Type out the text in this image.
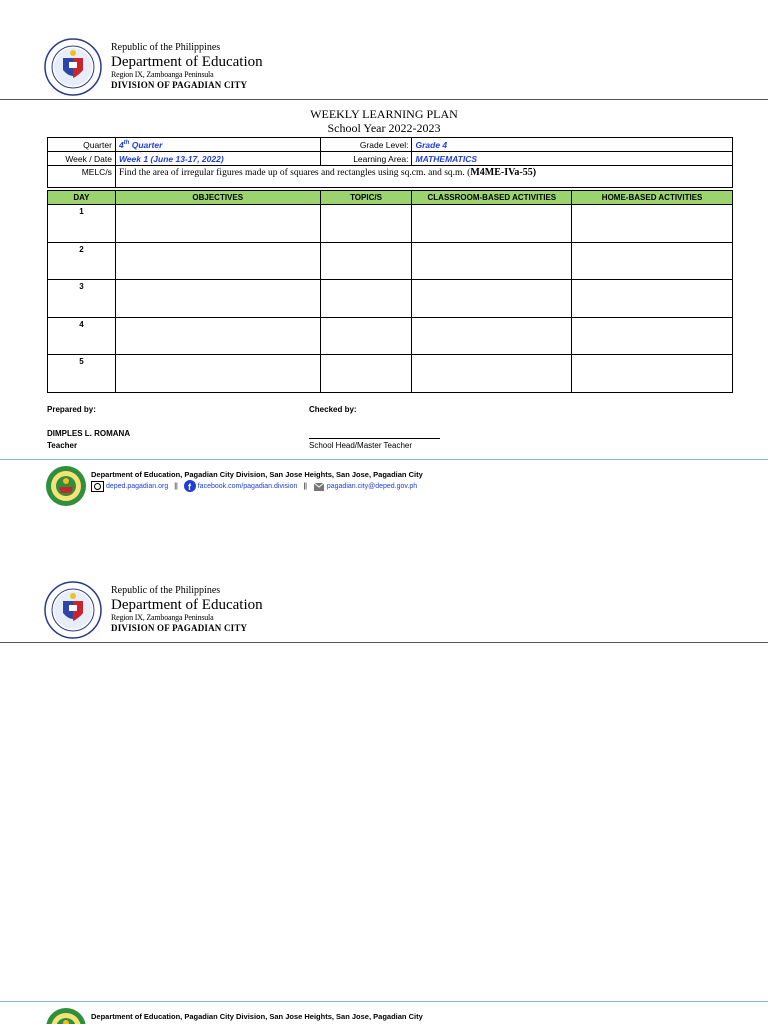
Republic of the Philippines
Department of Education
Region IX, Zamboanga Peninsula
DIVISION OF PAGADIAN CITY
WEEKLY LEARNING PLAN
School Year 2022-2023
Quarter	4th Quarter	Grade Level:	Grade 4
Week / Date	Week 1 (June 13-17, 2022)	Learning Area:	MATHEMATICS
MELC/s	Find the area of irregular figures made up of squares and rectangles using sq.cm. and sq.m. (M4ME-IVa-55)		
DAY	OBJECTIVES	TOPIC/S	CLASSROOM-BASED ACTIVITIES	HOME-BASED ACTIVITIES
1				
2				
3				
4				
5				
Prepared by:	Checked by:
DIMPLES L. ROMANA
Teacher	School Head/Master Teacher
Department of Education, Pagadian City Division, San Jose Heights, San Jose, Pagadian City
deped.pagadian.org || f facebook.com/pagadian.division ||	pagadian.city@deped.gov.ph
Republic of the Philippines
Department of Education
Region IX, Zamboanga Peninsula
DIVISION OF PAGADIAN CITY
Department of Education, Pagadian City Division, San Jose Heights, San Jose, Pagadian City
